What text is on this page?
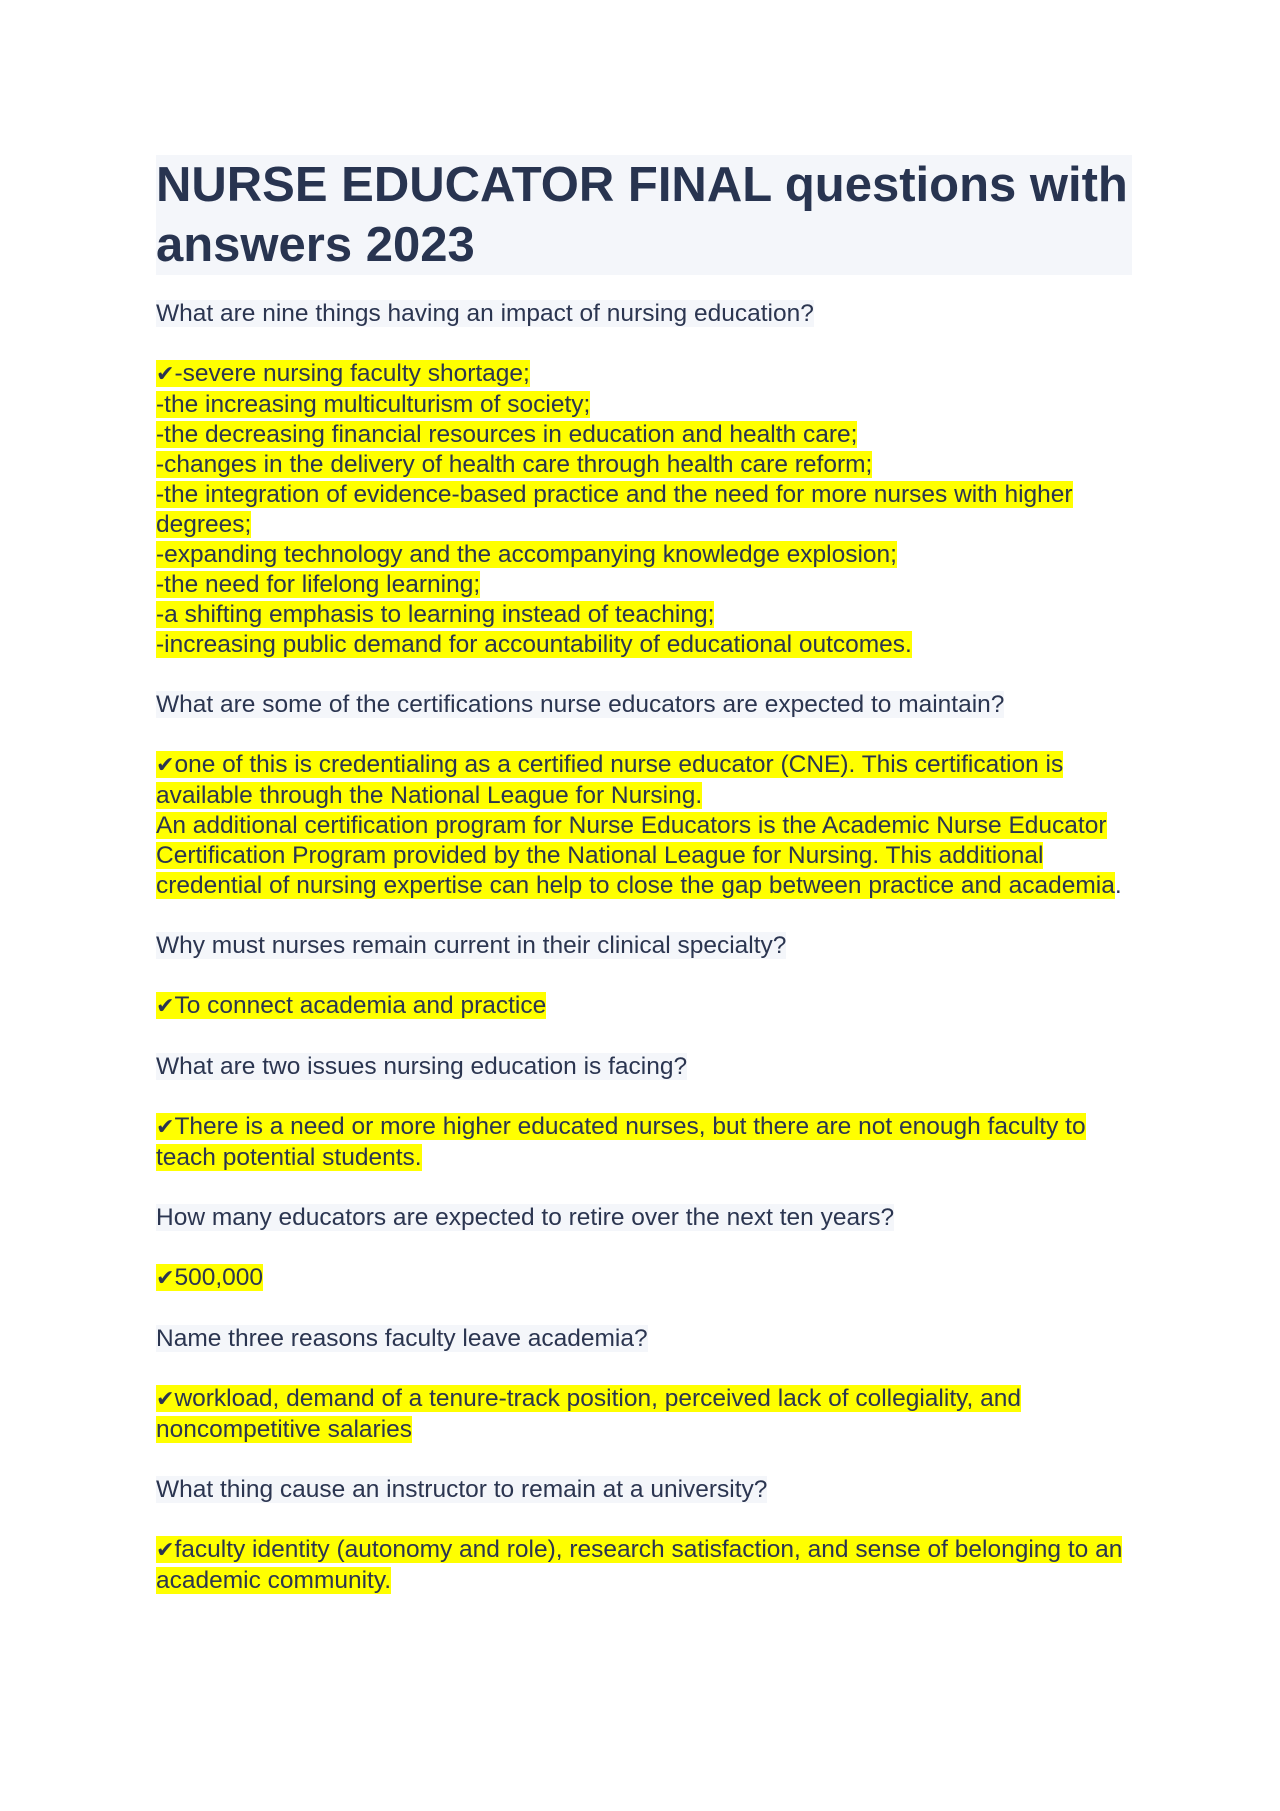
NURSE EDUCATOR FINAL questions with answers 2023

What are nine things having an impact of nursing education?

✔-severe nursing faculty shortage;
-the increasing multiculturism of society;
-the decreasing financial resources in education and health care;
-changes in the delivery of health care through health care reform;
-the integration of evidence-based practice and the need for more nurses with higher degrees;
-expanding technology and the accompanying knowledge explosion;
-the need for lifelong learning;
-a shifting emphasis to learning instead of teaching;
-increasing public demand for accountability of educational outcomes.

What are some of the certifications nurse educators are expected to maintain?

✔one of this is credentialing as a certified nurse educator (CNE). This certification is available through the National League for Nursing.
An additional certification program for Nurse Educators is the Academic Nurse Educator Certification Program provided by the National League for Nursing. This additional credential of nursing expertise can help to close the gap between practice and academia.

Why must nurses remain current in their clinical specialty?

✔To connect academia and practice

What are two issues nursing education is facing?

✔There is a need or more higher educated nurses, but there are not enough faculty to teach potential students.

How many educators are expected to retire over the next ten years?

✔500,000

Name three reasons faculty leave academia?

✔workload, demand of a tenure-track position, perceived lack of collegiality, and noncompetitive salaries

What thing cause an instructor to remain at a university?

✔faculty identity (autonomy and role), research satisfaction, and sense of belonging to an academic community.
